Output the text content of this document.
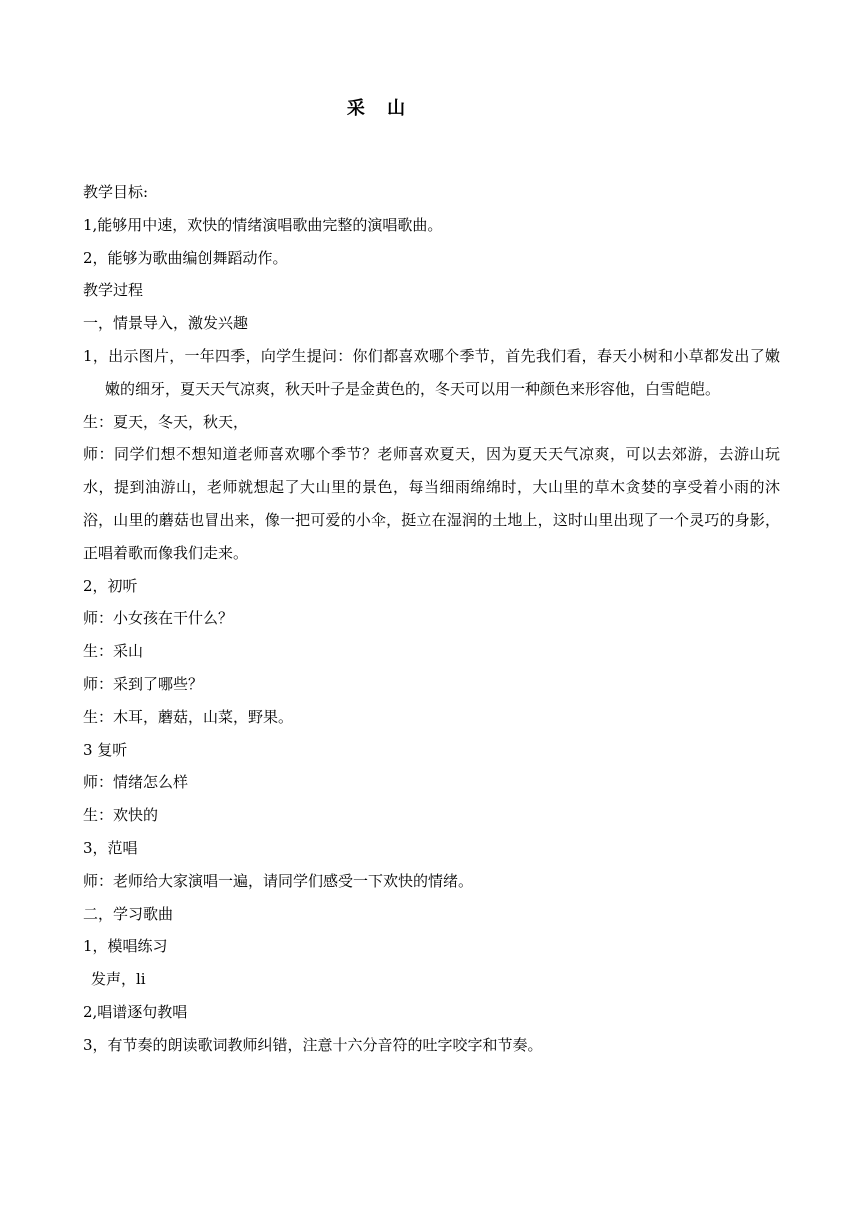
采 山
教学目标:
1,能够用中速，欢快的情绪演唱歌曲完整的演唱歌曲。
2，能够为歌曲编创舞蹈动作。
教学过程
一，情景导入，激发兴趣
1，出示图片，一年四季，向学生提问：你们都喜欢哪个季节，首先我们看，春天小树和小草都发出了嫩嫩的细牙，夏天天气凉爽，秋天叶子是金黄色的，冬天可以用一种颜色来形容他，白雪皑皑。
生：夏天，冬天，秋天，
师：同学们想不想知道老师喜欢哪个季节？老师喜欢夏天，因为夏天天气凉爽，可以去郊游，去游山玩水，提到油游山，老师就想起了大山里的景色，每当细雨绵绵时，大山里的草木贪婪的享受着小雨的沐浴，山里的蘑菇也冒出来，像一把可爱的小伞，挺立在湿润的土地上，这时山里出现了一个灵巧的身影，正唱着歌而像我们走来。
2，初听
师：小女孩在干什么？
生：采山
师：采到了哪些？
生：木耳，蘑菇，山菜，野果。
3 复听
师：情绪怎么样
生：欢快的
3，范唱
师：老师给大家演唱一遍，请同学们感受一下欢快的情绪。
二，学习歌曲
1，模唱练习
发声，li
2,唱谱逐句教唱
3，有节奏的朗读歌词教师纠错，注意十六分音符的吐字咬字和节奏。
